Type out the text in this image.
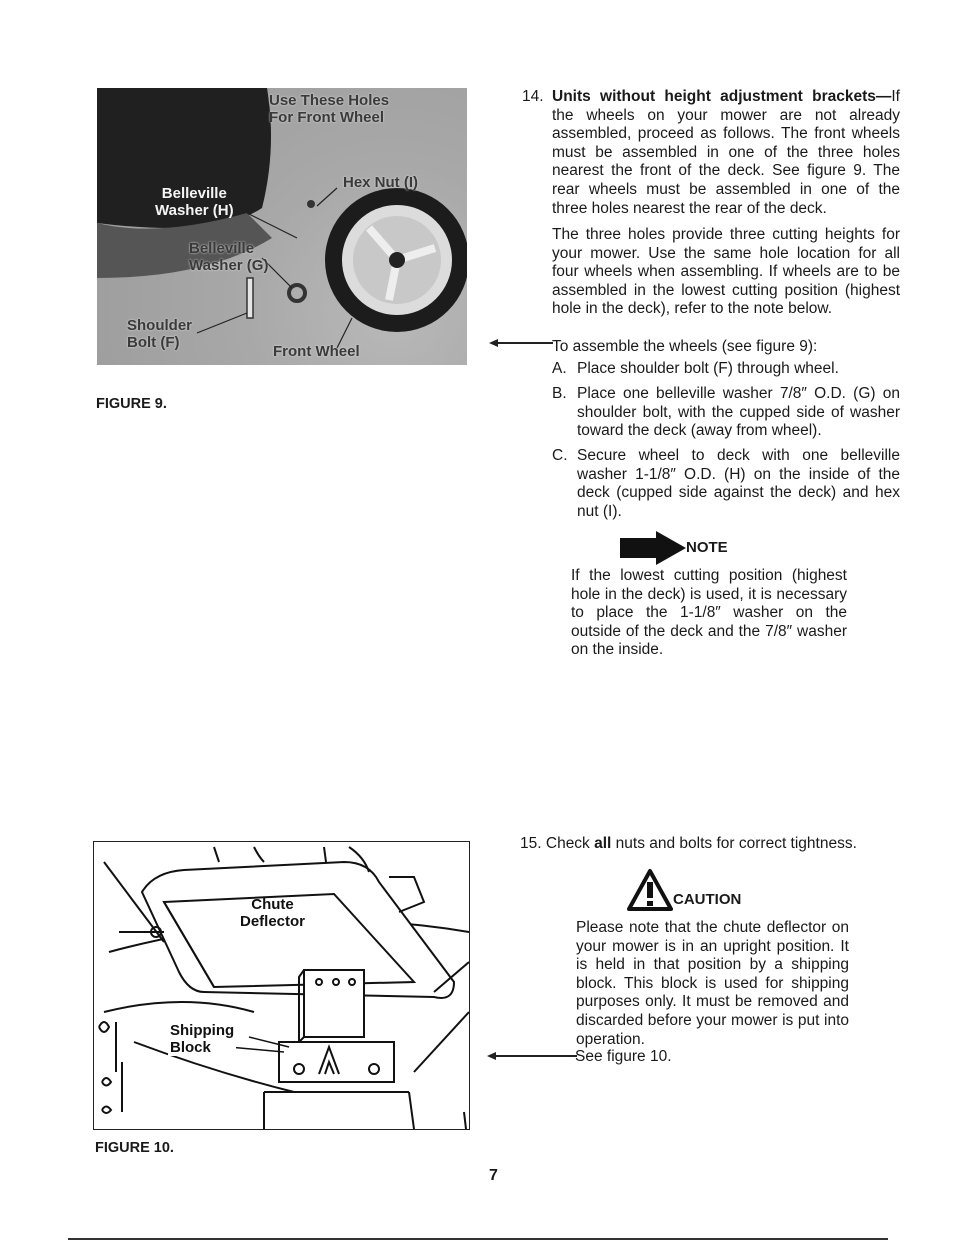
Use These Holes
For Front Wheel
Belleville
Washer (H)
Hex Nut (I)
Belleville
Washer (G)
Shoulder
Bolt (F)
Front Wheel
FIGURE 9.
14. Units without height adjustment brackets—If the wheels on your mower are not already assembled, proceed as follows. The front wheels must be assembled in one of the three holes nearest the front of the deck. See figure 9. The rear wheels must be assembled in one of the three holes nearest the rear of the deck.
The three holes provide three cutting heights for your mower. Use the same hole location for all four wheels when assembling. If wheels are to be assembled in the lowest cutting position (highest hole in the deck), refer to the note below.
To assemble the wheels (see figure 9):
A. Place shoulder bolt (F) through wheel.
B. Place one belleville washer 7/8″ O.D. (G) on shoulder bolt, with the cupped side of washer toward the deck (away from wheel).
C. Secure wheel to deck with one belleville washer 1-1/8″ O.D. (H) on the inside of the deck (cupped side against the deck) and hex nut (I).
NOTE
If the lowest cutting position (highest hole in the deck) is used, it is necessary to place the 1-1/8″ washer on the outside of the deck and the 7/8″ washer on the inside.
Chute
Deflector
Shipping
Block
FIGURE 10.
15. Check all nuts and bolts for correct tightness.
CAUTION
Please note that the chute deflector on your mower is in an upright position. It is held in that position by a shipping block. This block is used for shipping purposes only. It must be removed and discarded before your mower is put into operation.
See figure 10.
7
